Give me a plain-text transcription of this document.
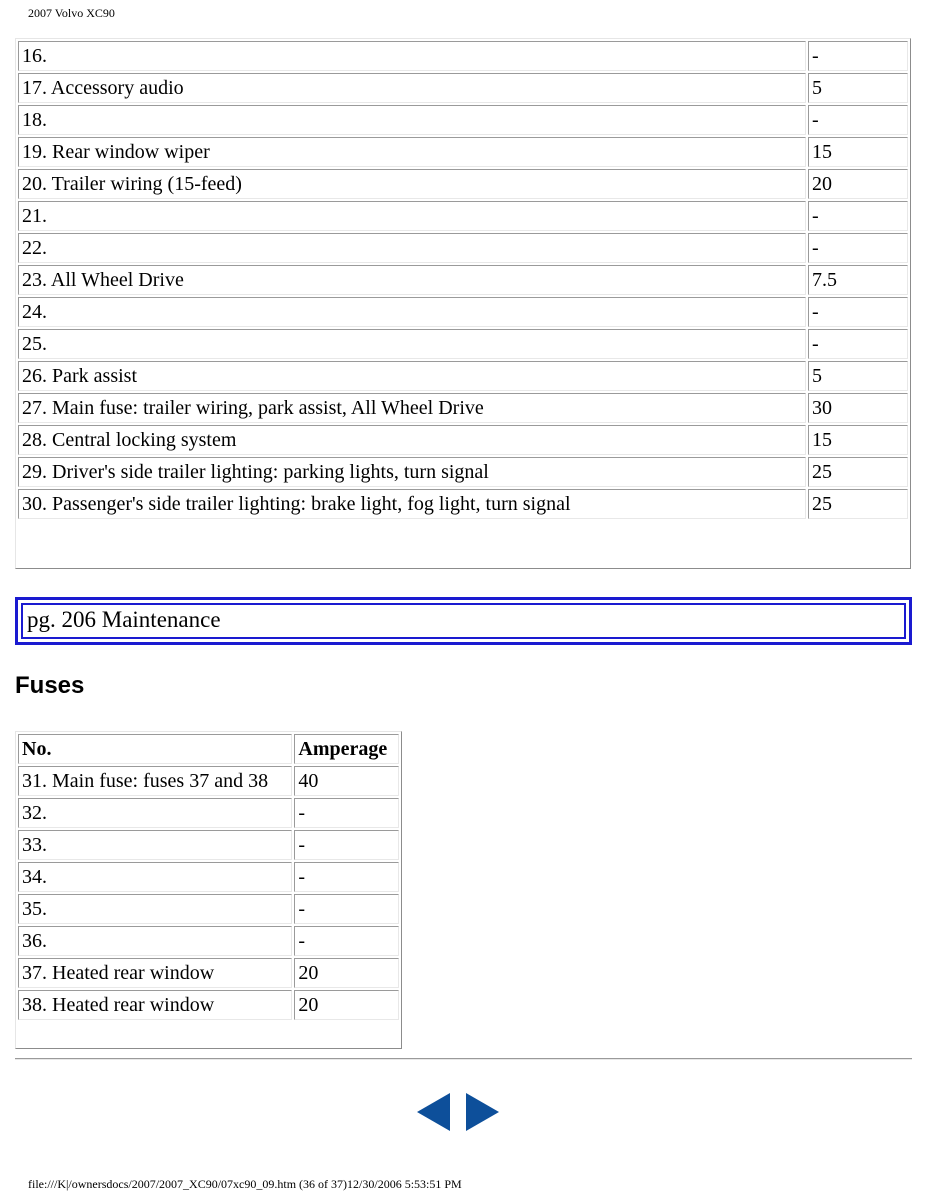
2007 Volvo XC90
16.	-
17. Accessory audio	5
18.	-
19. Rear window wiper	15
20. Trailer wiring (15-feed)	20
21.	-
22.	-
23. All Wheel Drive	7.5
24.	-
25.	-
26. Park assist	5
27. Main fuse: trailer wiring, park assist, All Wheel Drive	30
28. Central locking system	15
29. Driver's side trailer lighting: parking lights, turn signal	25
30. Passenger's side trailer lighting: brake light, fog light, turn signal	25
pg. 206 Maintenance
Fuses
No.	Amperage
31. Main fuse: fuses 37 and 38	40
32.	-
33.	-
34.	-
35.	-
36.	-
37. Heated rear window	20
38. Heated rear window	20

file:///K|/ownersdocs/2007/2007_XC90/07xc90_09.htm (36 of 37)12/30/2006 5:53:51 PM
